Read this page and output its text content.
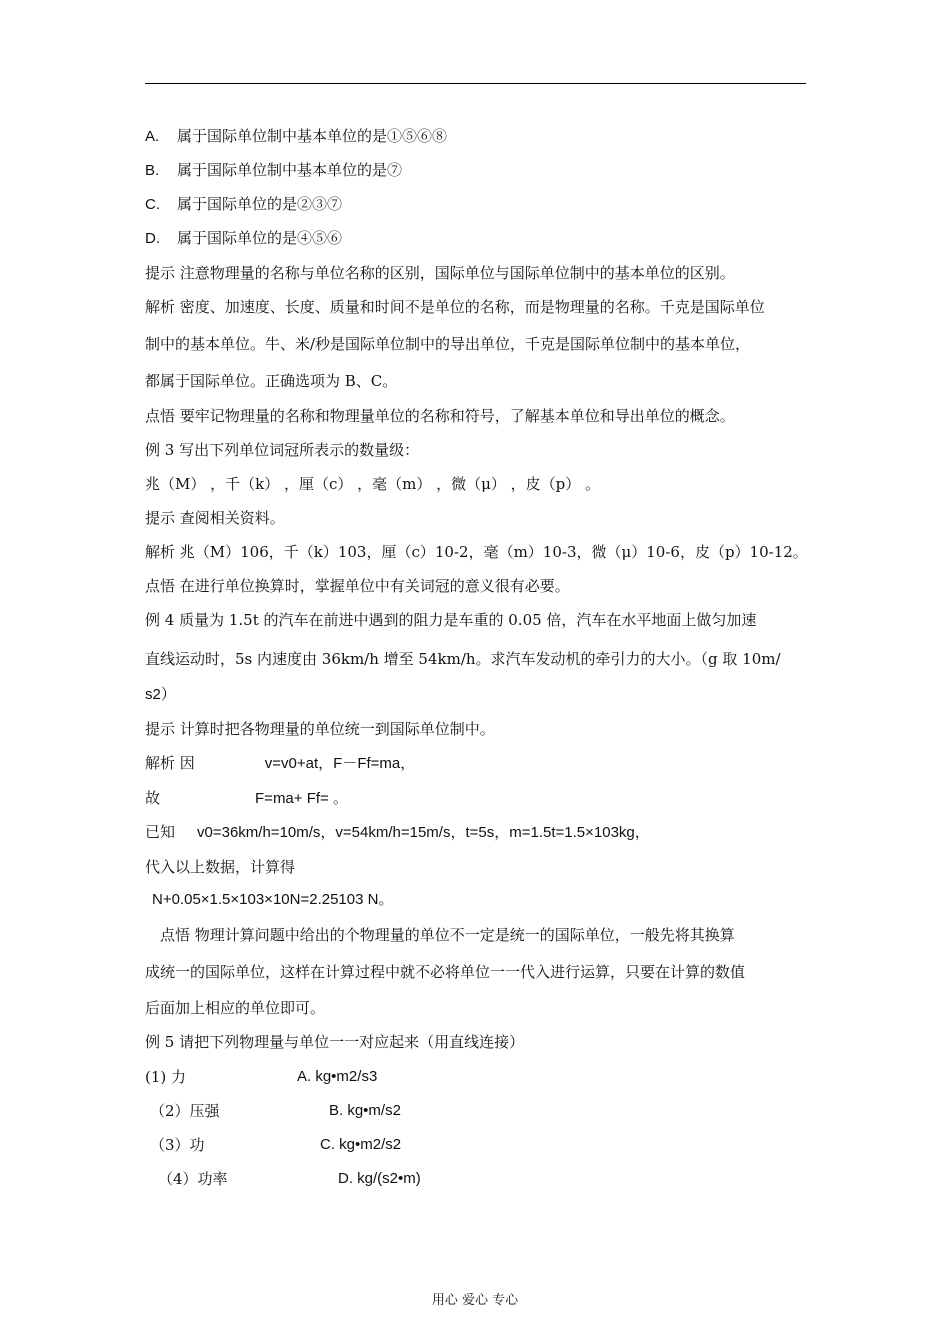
A. 属于国际单位制中基本单位的是①⑤⑥⑧
B. 属于国际单位制中基本单位的是⑦
C. 属于国际单位的是②③⑦
D. 属于国际单位的是④⑤⑥
提示 注意物理量的名称与单位名称的区别，国际单位与国际单位制中的基本单位的区别。
解析 密度、加速度、长度、质量和时间不是单位的名称，而是物理量的名称。千克是国际单位
制中的基本单位。牛、米/秒是国际单位制中的导出单位，千克是国际单位制中的基本单位，
都属于国际单位。正确选项为 B、C。
点悟 要牢记物理量的名称和物理量单位的名称和符号，了解基本单位和导出单位的概念。
例 3 写出下列单位词冠所表示的数量级：
兆（M） ，千（k） ，厘（c） ，毫（m） ，微（μ） ，皮（p） 。
提示 查阅相关资料。
解析 兆（M）106，千（k）103，厘（c）10-2，毫（m）10-3，微（μ）10-6，皮（p）10-12。
点悟 在进行单位换算时，掌握单位中有关词冠的意义很有必要。
例 4 质量为 1.5t 的汽车在前进中遇到的阻力是车重的 0.05 倍，汽车在水平地面上做匀加速
直线运动时，5s 内速度由 36km/h 增至 54km/h。求汽车发动机的牵引力的大小。（g 取 10m/
s2）
提示 计算时把各物理量的单位统一到国际单位制中。
解析 因	v=v0+at，F－Ff=ma，
故	F=ma+ Ff= 。
已知 v0=36km/h=10m/s，v=54km/h=15m/s，t=5s，m=1.5t=1.5×103kg，
代入以上数据，计算得
N+0.05×1.5×103×10N=2.25103 N。
点悟 物理计算问题中给出的个物理量的单位不一定是统一的国际单位，一般先将其换算
成统一的国际单位，这样在计算过程中就不必将单位一一代入进行运算，只要在计算的数值
后面加上相应的单位即可。
例 5 请把下列物理量与单位一一对应起来（用直线连接）
(1) 力	A. kg•m2/s3
（2）压强	B. kg•m/s2
（3）功	C. kg•m2/s2
（4）功率	D. kg/(s2•m)
用心 爱心 专心
